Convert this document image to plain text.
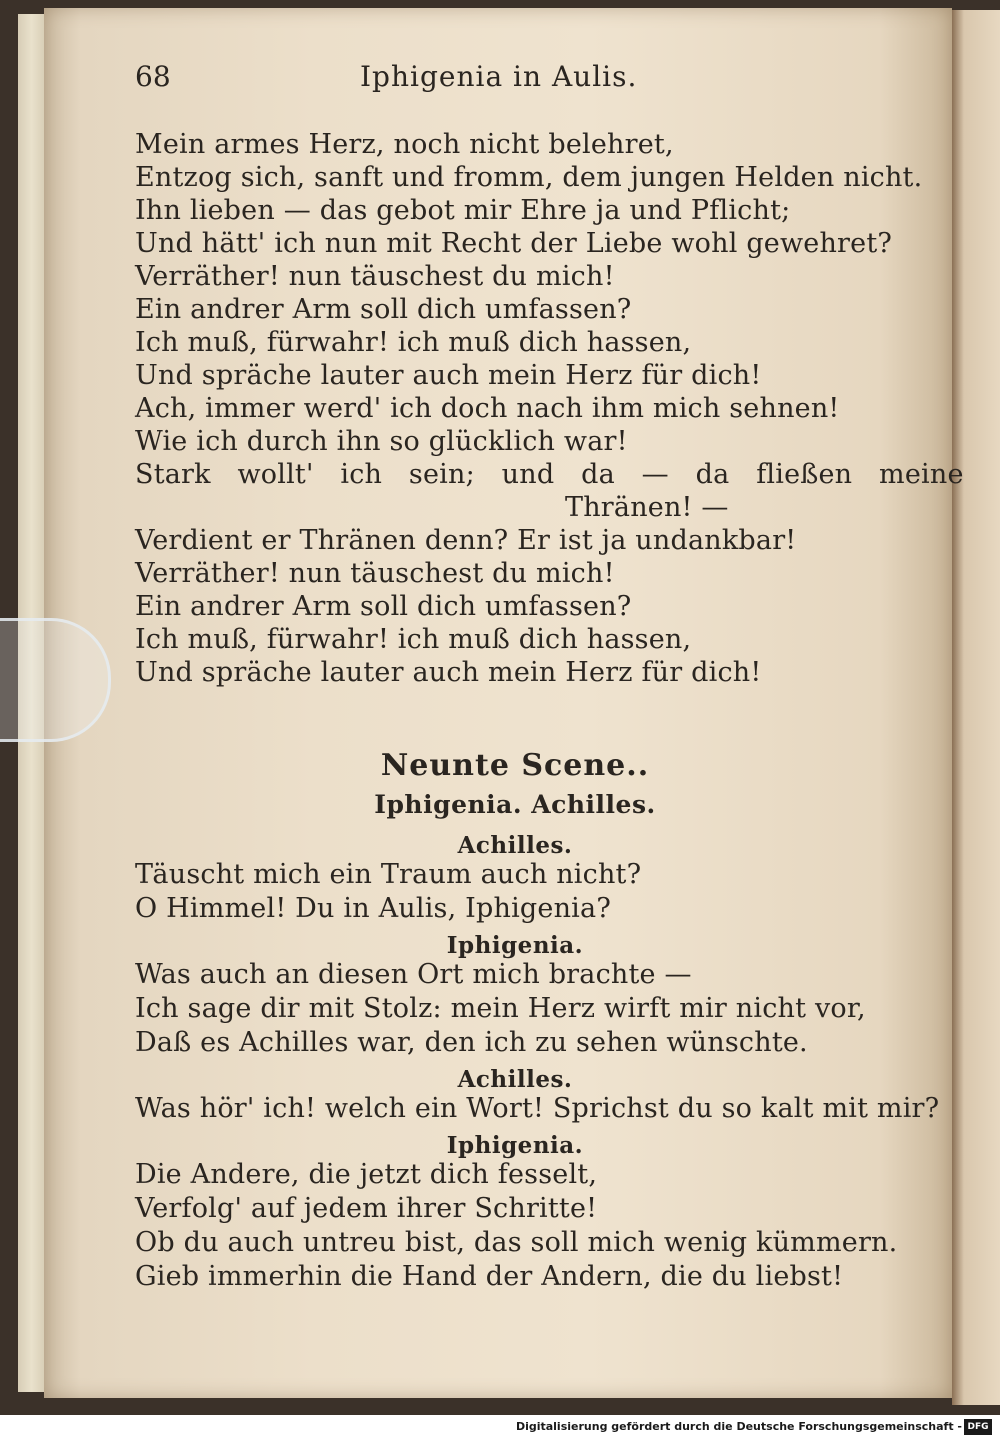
68	Iphigenia in Aulis.
Mein armes Herz, noch nicht belehret,
Entzog sich, sanft und fromm, dem jungen Helden nicht.
Ihn lieben — das gebot mir Ehre ja und Pflicht;
Und hätt' ich nun mit Recht der Liebe wohl gewehret?
Verräther! nun täuschest du mich!
Ein andrer Arm soll dich umfassen?
Ich muß, fürwahr! ich muß dich hassen,
Und spräche lauter auch mein Herz für dich!
Ach, immer werd' ich doch nach ihm mich sehnen!
Wie ich durch ihn so glücklich war!
Stark wollt' ich sein; und da — da fließen meine
Thränen! —
Verdient er Thränen denn? Er ist ja undankbar!
Verräther! nun täuschest du mich!
Ein andrer Arm soll dich umfassen?
Ich muß, fürwahr! ich muß dich hassen,
Und spräche lauter auch mein Herz für dich!
Neunte Scene..
Iphigenia. Achilles.
Achilles.
Täuscht mich ein Traum auch nicht?
O Himmel! Du in Aulis, Iphigenia?
Iphigenia.
Was auch an diesen Ort mich brachte —
Ich sage dir mit Stolz: mein Herz wirft mir nicht vor,
Daß es Achilles war, den ich zu sehen wünschte.
Achilles.
Was hör' ich! welch ein Wort! Sprichst du so kalt mit mir?
Iphigenia.
Die Andere, die jetzt dich fesselt,
Verfolg' auf jedem ihrer Schritte!
Ob du auch untreu bist, das soll mich wenig kümmern.
Gieb immerhin die Hand der Andern, die du liebst!
Digitalisierung gefördert durch die Deutsche Forschungsgemeinschaft - DFG
